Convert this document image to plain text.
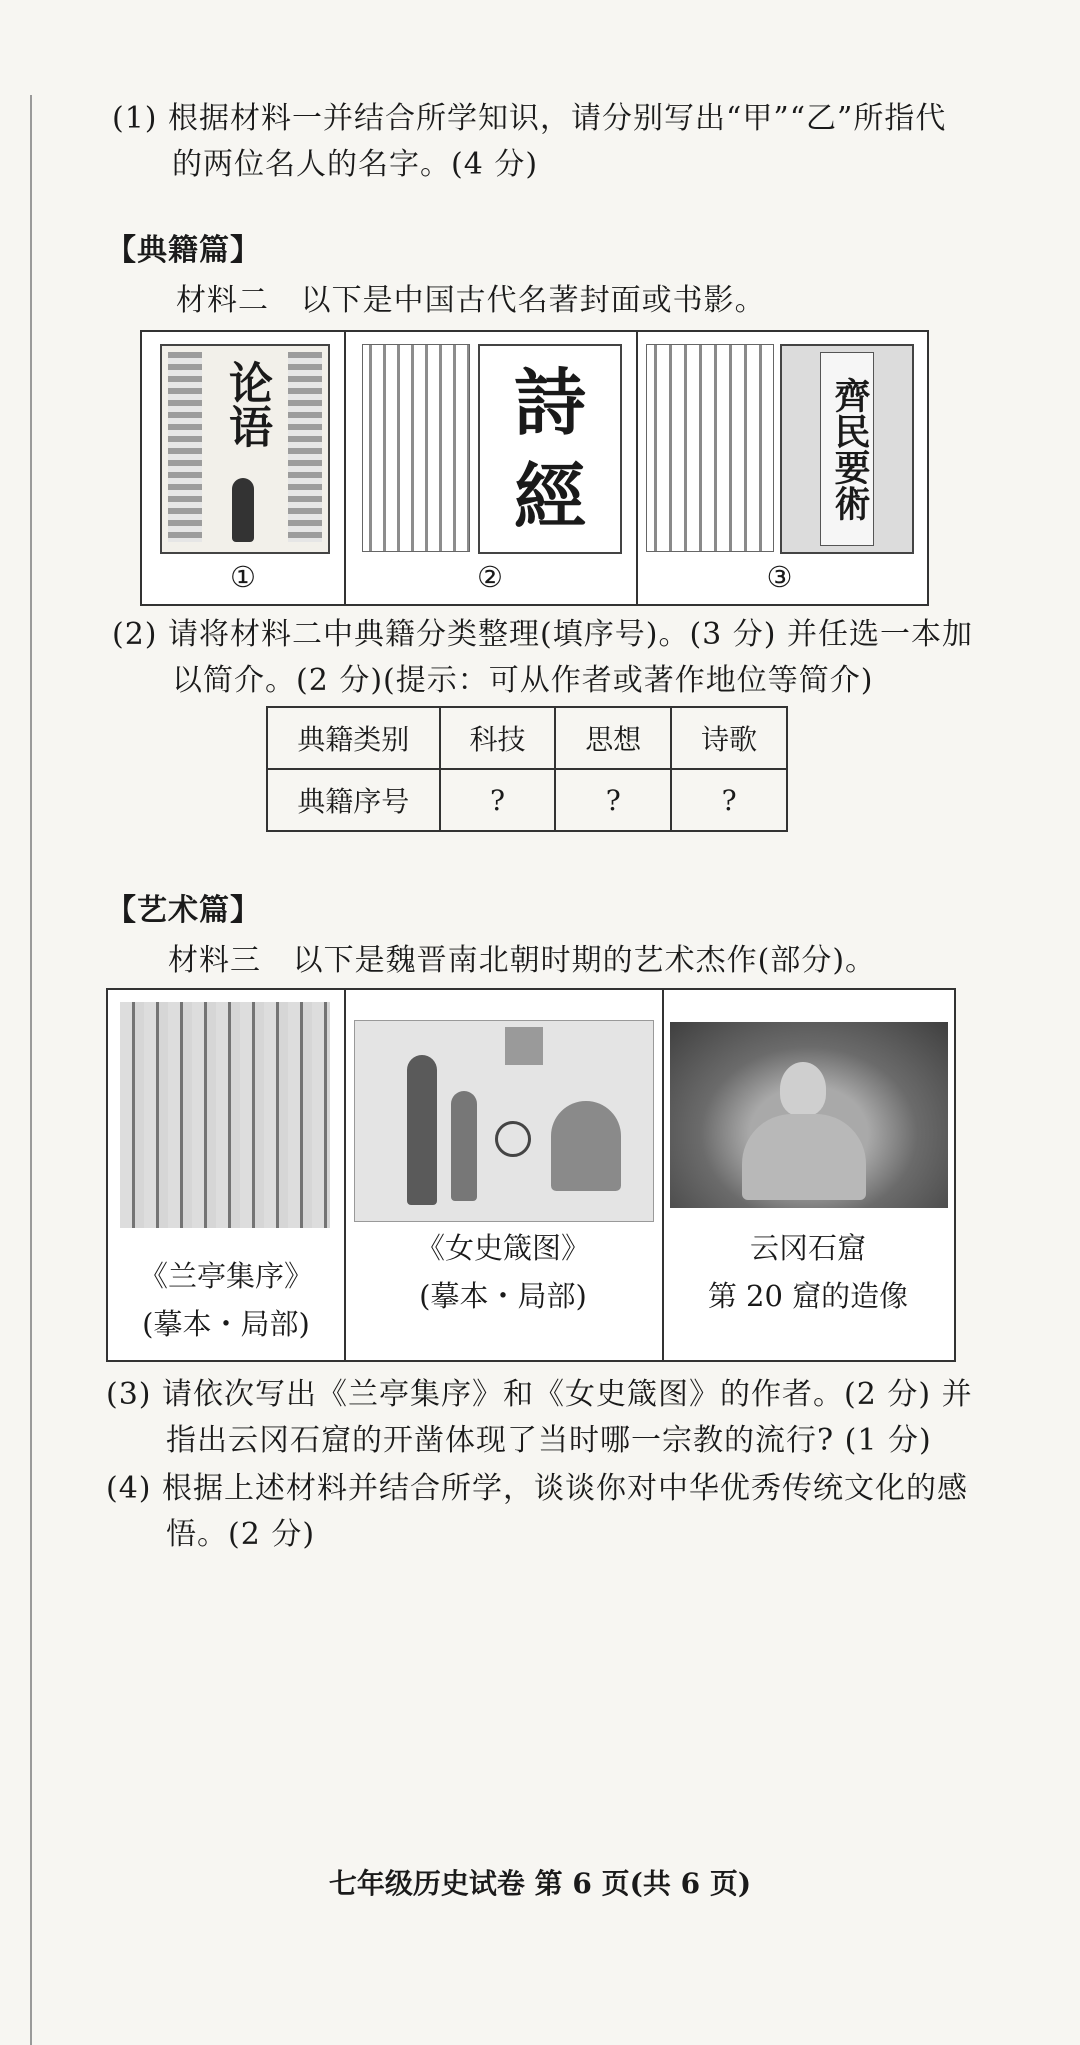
(1) 根据材料一并结合所学知识，请分别写出“甲”“乙”所指代
的两位名人的名字。(4 分)
【典籍篇】
材料二 以下是中国古代名著封面或书影。
论语
①
詩經
②
齊民要術
③
(2) 请将材料二中典籍分类整理(填序号)。(3 分) 并任选一本加
以简介。(2 分)(提示：可从作者或著作地位等简介)
典籍类别	科技	思想	诗歌
典籍序号	?	?	?
【艺术篇】
材料三 以下是魏晋南北朝时期的艺术杰作(部分)。
《兰亭集序》
(摹本・局部)
《女史箴图》
(摹本・局部)
云冈石窟
第 20 窟的造像
(3) 请依次写出《兰亭集序》和《女史箴图》的作者。(2 分) 并
指出云冈石窟的开凿体现了当时哪一宗教的流行? (1 分)
(4) 根据上述材料并结合所学，谈谈你对中华优秀传统文化的感
悟。(2 分)
七年级历史试卷 第 6 页(共 6 页)
